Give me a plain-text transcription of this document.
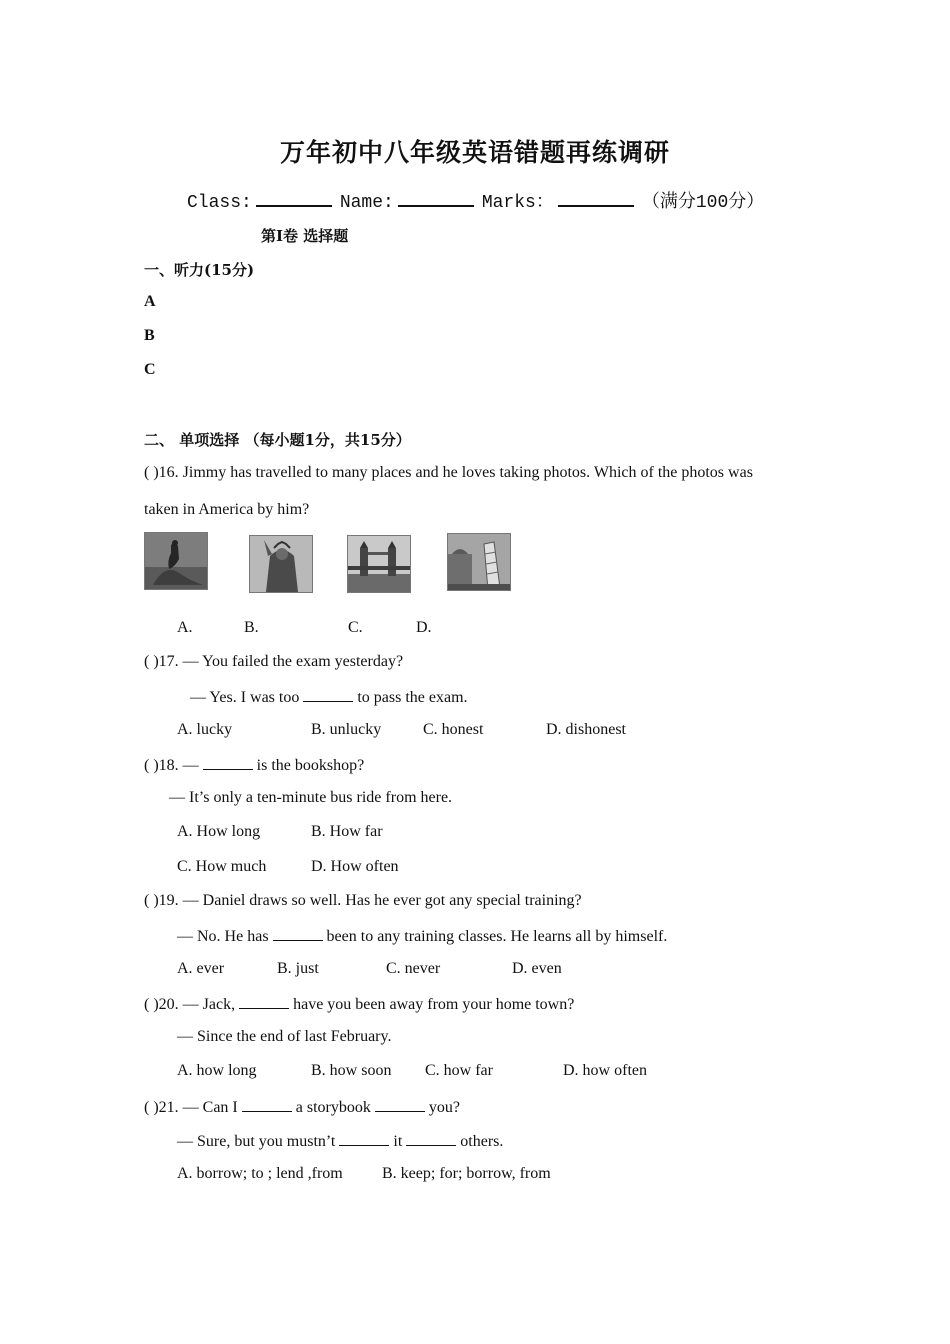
万年初中八年级英语错题再练调研
Class:	Name:	Marks：	（满分100分）
第Ⅰ卷 选择题
一、听力(15分)
A
B
C
二、 单项选择 （每小题1分，共15分）
( )16. Jimmy has travelled to many places and he loves taking photos. Which of the photos was
taken in America by him?
A.	B.	C.	D.
( )17. — You failed the exam yesterday?
— Yes. I was too	to pass the exam.
A. lucky	B. unlucky	C. honest	D. dishonest
( )18. —	is the bookshop?
— It’s only a ten-minute bus ride from here.
A. How long	B. How far
C. How much	D. How often
( )19. — Daniel draws so well. Has he ever got any special training?
— No. He has	been to any training classes. He learns all by himself.
A. ever	B. just	C. never	D. even
( )20. — Jack,	have you been away from your home town?
— Since the end of last February.
A. how long	B. how soon C. how far	D. how often
( )21. — Can I	a storybook	you?
— Sure, but you mustn’t	it	others.
A. borrow; to ; lend ,from B. keep; for; borrow, from
